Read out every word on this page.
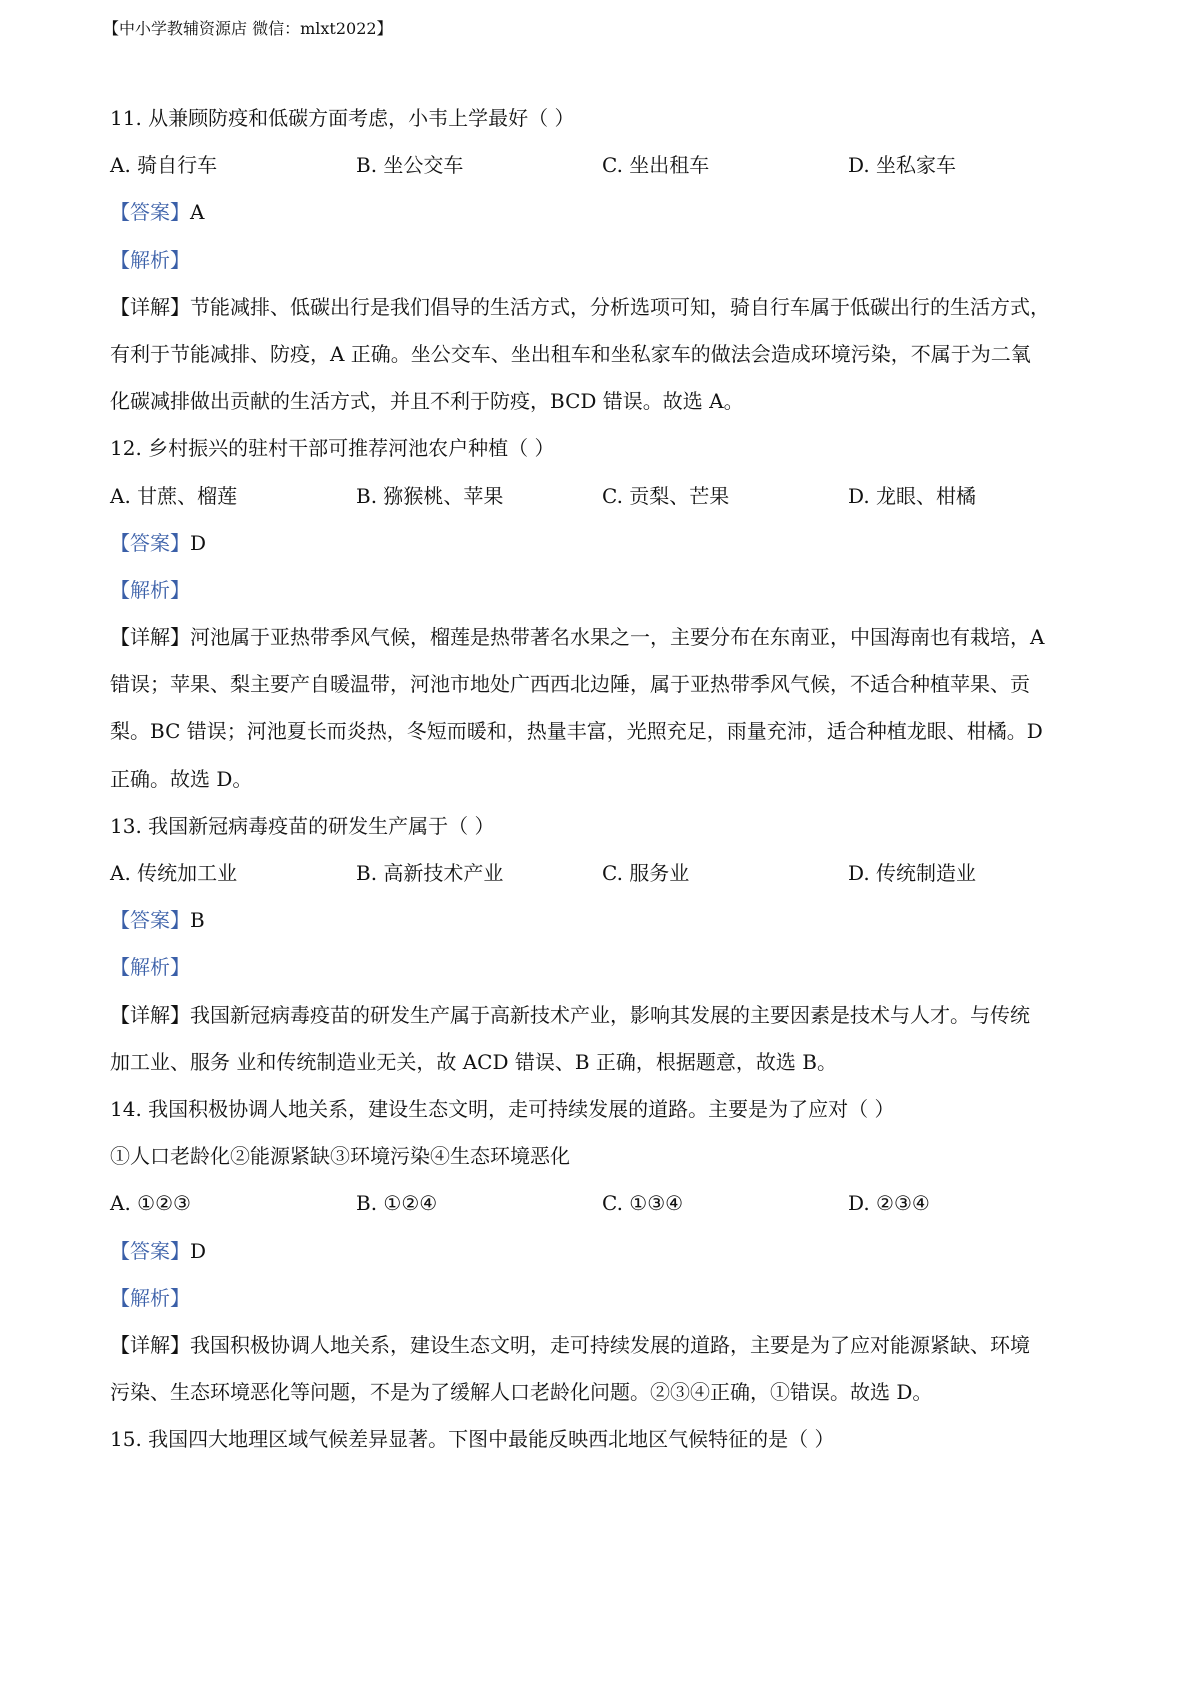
【中小学教辅资源店 微信：mlxt2022】
11. 从兼顾防疫和低碳方面考虑，小韦上学最好（ ）
A. 骑自行车	B. 坐公交车	C. 坐出租车	D. 坐私家车
【答案】A
【解析】
【详解】节能减排、低碳出行是我们倡导的生活方式，分析选项可知，骑自行车属于低碳出行的生活方式，
有利于节能减排、防疫，A 正确。坐公交车、坐出租车和坐私家车的做法会造成环境污染，不属于为二氧
化碳减排做出贡献的生活方式，并且不利于防疫，BCD 错误。故选 A。
12. 乡村振兴的驻村干部可推荐河池农户种植（ ）
A. 甘蔗、榴莲	B. 猕猴桃、苹果	C. 贡梨、芒果	D. 龙眼、柑橘
【答案】D
【解析】
【详解】河池属于亚热带季风气候，榴莲是热带著名水果之一，主要分布在东南亚，中国海南也有栽培，A
错误；苹果、梨主要产自暖温带，河池市地处广西西北边陲，属于亚热带季风气候，不适合种植苹果、贡
梨。BC 错误；河池夏长而炎热，冬短而暖和，热量丰富，光照充足，雨量充沛，适合种植龙眼、柑橘。D
正确。故选 D。
13. 我国新冠病毒疫苗的研发生产属于（ ）
A. 传统加工业	B. 高新技术产业	C. 服务业	D. 传统制造业
【答案】B
【解析】
【详解】我国新冠病毒疫苗的研发生产属于高新技术产业，影响其发展的主要因素是技术与人才。与传统
加工业、服务 业和传统制造业无关，故 ACD 错误、B 正确，根据题意，故选 B。
14. 我国积极协调人地关系，建设生态文明，走可持续发展的道路。主要是为了应对（ ）
①人口老龄化②能源紧缺③环境污染④生态环境恶化
A. ①②③	B. ①②④	C. ①③④	D. ②③④
【答案】D
【解析】
【详解】我国积极协调人地关系，建设生态文明，走可持续发展的道路，主要是为了应对能源紧缺、环境
污染、生态环境恶化等问题，不是为了缓解人口老龄化问题。②③④正确，①错误。故选 D。
15. 我国四大地理区域气候差异显著。下图中最能反映西北地区气候特征的是（ ）
